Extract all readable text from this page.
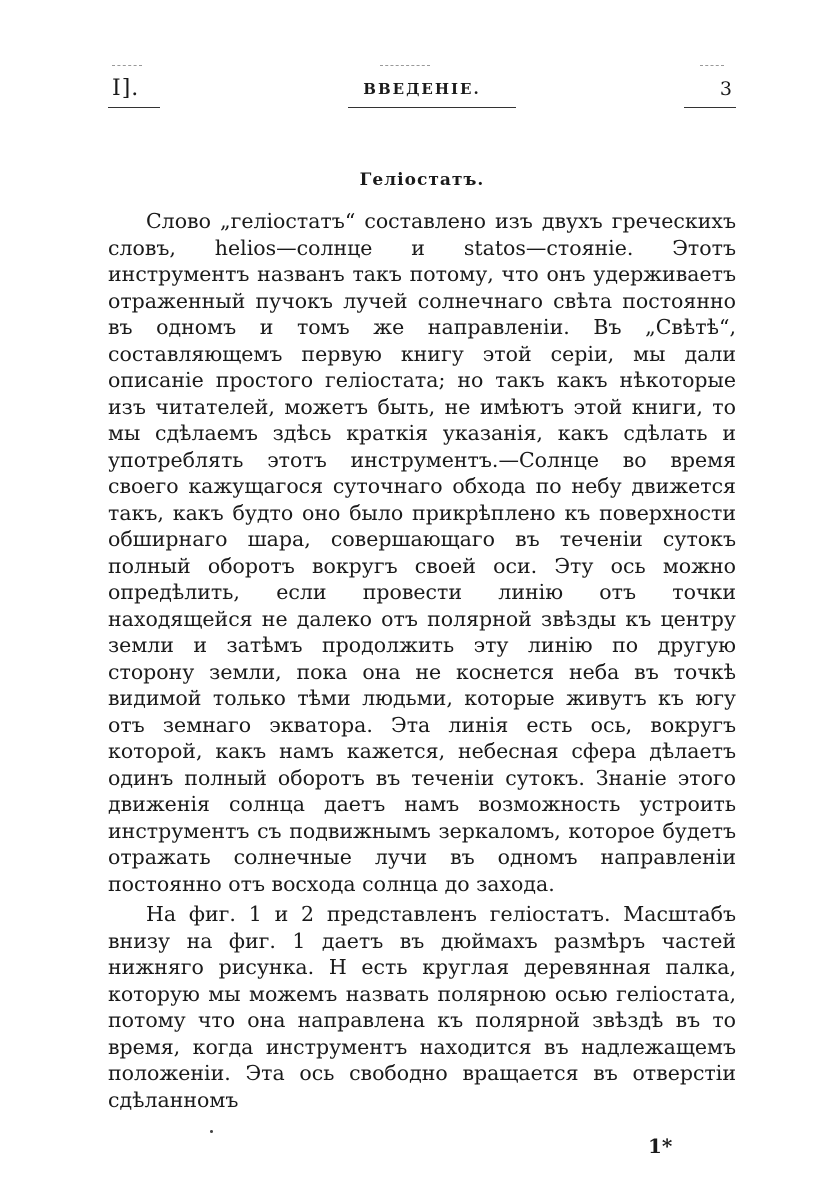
I].	ВВЕДЕНІЕ.	3
Геліостатъ.

Слово „геліостатъ“ составлено изъ двухъ греческихъ словъ, helios—солнце и statos—стояніе. Этотъ инструментъ названъ такъ потому, что онъ удерживаетъ отраженный пучокъ лучей солнечнаго свѣта постоянно въ одномъ и томъ же направленіи. Въ „Свѣтѣ“, составляющемъ первую книгу этой серіи, мы дали описаніе простого геліостата; но такъ какъ нѣкоторые изъ читателей, можетъ быть, не имѣютъ этой книги, то мы сдѣлаемъ здѣсь краткія указанія, какъ сдѣлать и употреблять этотъ инструментъ.—Солнце во время своего кажущагося суточнаго обхода по небу движется такъ, какъ будто оно было прикрѣплено къ поверхности обширнаго шара, совершающаго въ теченіи сутокъ полный оборотъ вокругъ своей оси. Эту ось можно опредѣлить, если провести линію отъ точки находящейся не далеко отъ полярной звѣзды къ центру земли и затѣмъ продолжить эту линію по другую сторону земли, пока она не коснется неба въ точкѣ видимой только тѣми людьми, которые живутъ къ югу отъ земнаго экватора. Эта линія есть ось, вокругъ которой, какъ намъ кажется, небесная сфера дѣлаетъ одинъ полный оборотъ въ теченіи сутокъ. Знаніе этого движенія солнца даетъ намъ возможность устроить инструментъ съ подвижнымъ зеркаломъ, которое будетъ отражать солнечные лучи въ одномъ направленіи постоянно отъ восхода солнца до захода.

На фиг. 1 и 2 представленъ геліостатъ. Масштабъ внизу на фиг. 1 даетъ въ дюймахъ размѣръ частей нижняго рисунка. H есть круглая деревянная палка, которую мы можемъ назвать полярною осью геліостата, потому что она направлена къ полярной звѣздѣ въ то время, когда инструментъ находится въ надлежащемъ положеніи. Эта ось свободно вращается въ отверстіи сдѣланномъ

1*
